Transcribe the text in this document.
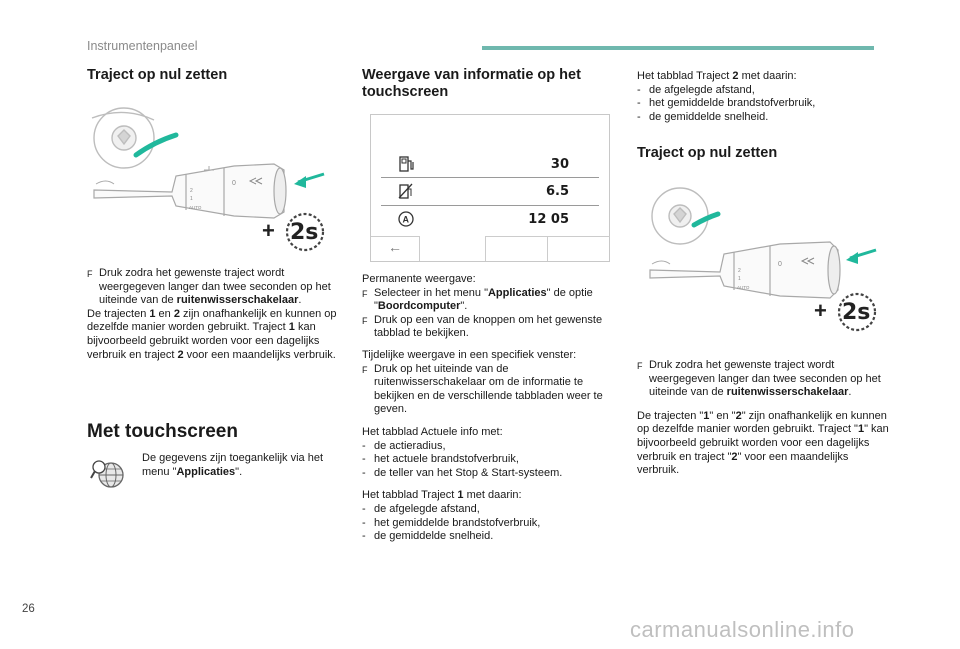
Instrumentenpaneel
Traject op nul zetten
0
2
1
AUTO
+ 2s
F Druk zodra het gewenste traject wordt weergegeven langer dan twee seconden op het uiteinde van de ruitenwisserschakelaar.

De trajecten 1 en 2 zijn onafhankelijk en kunnen op dezelfde manier worden gebruikt. Traject 1 kan bijvoorbeeld gebruikt worden voor een dagelijks verbruik en traject 2 voor een maandelijks verbruik.

Met touchscreen

De gegevens zijn toegankelijk via het menu "Applicaties".

Weergave van informatie op het touchscreen
30
6.5
A	12 05
←

Permanente weergave:

F Selecteer in het menu "Applicaties" de optie "Boordcomputer".
F Druk op een van de knoppen om het gewenste tabblad te bekijken.

Tijdelijke weergave in een specifiek venster:

F Druk op het uiteinde van de ruitenwisserschakelaar om de informatie te bekijken en de verschillende tabbladen weer te geven.

Het tabblad Actuele info met:

- de actieradius,
- het actuele brandstofverbruik,
- de teller van het Stop & Start-systeem.

Het tabblad Traject 1 met daarin:

- de afgelegde afstand,
- het gemiddelde brandstofverbruik,
- de gemiddelde snelheid.

Het tabblad Traject 2 met daarin:

- de afgelegde afstand,
- het gemiddelde brandstofverbruik,
- de gemiddelde snelheid.
Traject op nul zetten
0
2
1
AUTO
+ 2s
F Druk zodra het gewenste traject wordt weergegeven langer dan twee seconden op het uiteinde van de ruitenwisserschakelaar.

De trajecten "1" en "2" zijn onafhankelijk en kunnen op dezelfde manier worden gebruikt. Traject "1" kan bijvoorbeeld gebruikt worden voor een dagelijks verbruik en traject "2" voor een maandelijks verbruik.

26
carmanualsonline.info
